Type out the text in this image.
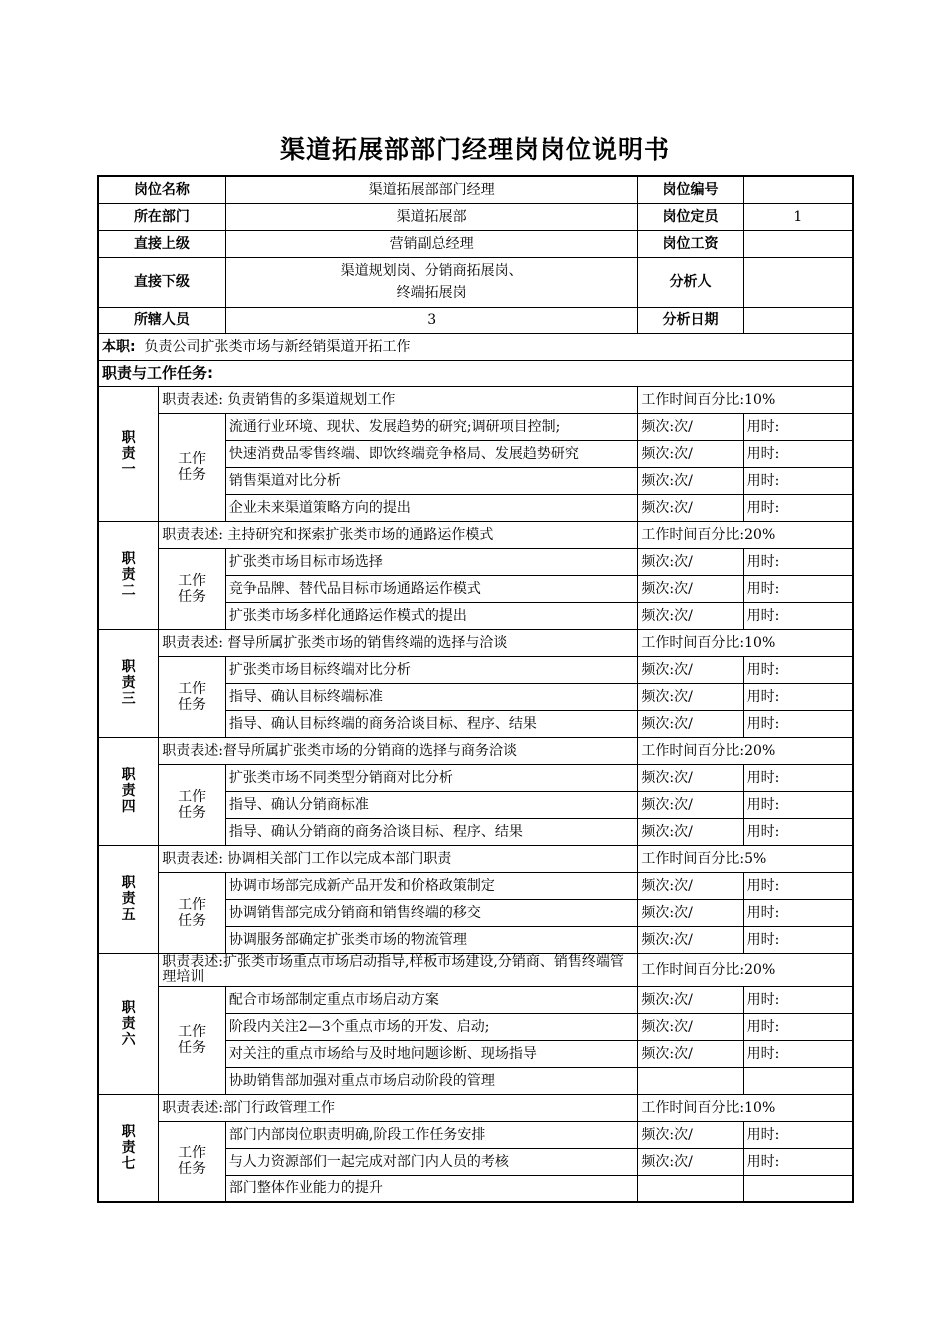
渠道拓展部部门经理岗岗位说明书
岗位名称		渠道拓展部部门经理	岗位编号	
所在部门		渠道拓展部	岗位定员	1
直接上级		营销副总经理	岗位工资	
直接下级		渠道规划岗、分销商拓展岗、
终端拓展岗	分析人	
所辖人员		3	分析日期	
本职: 负责公司扩张类市场与新经销渠道开拓工作				
职责与工作任务:				

职责一	职责表述: 负责销售的多渠道规划工作		工作时间百分比:10%	

	工作任务	流通行业环境、现状、发展趋势的研究;调研项目控制;	频次:次/	用时:
		快速消费品零售终端、即饮终端竞争格局、发展趋势研究	频次:次/	用时:
		销售渠道对比分析	频次:次/	用时:
		企业未来渠道策略方向的提出	频次:次/	用时:

职责二	职责表述: 主持研究和探索扩张类市场的通路运作模式		工作时间百分比:20%	

	工作任务	扩张类市场目标市场选择	频次:次/	用时:
		竞争品牌、替代品目标市场通路运作模式	频次:次/	用时:
		扩张类市场多样化通路运作模式的提出	频次:次/	用时:

职责三	职责表述: 督导所属扩张类市场的销售终端的选择与洽谈		工作时间百分比:10%	

	工作任务	扩张类市场目标终端对比分析	频次:次/	用时:
		指导、确认目标终端标准	频次:次/	用时:
		指导、确认目标终端的商务洽谈目标、程序、结果	频次:次/	用时:

职责四	职责表述:督导所属扩张类市场的分销商的选择与商务洽谈		工作时间百分比:20%	

	工作任务	扩张类市场不同类型分销商对比分析	频次:次/	用时:
		指导、确认分销商标准	频次:次/	用时:
		指导、确认分销商的商务洽谈目标、程序、结果	频次:次/	用时:

职责五	职责表述: 协调相关部门工作以完成本部门职责		工作时间百分比:5%	

	工作任务	协调市场部完成新产品开发和价格政策制定	频次:次/	用时:
		协调销售部完成分销商和销售终端的移交	频次:次/	用时:
		协调服务部确定扩张类市场的物流管理	频次:次/	用时:

职责六	职责表述:扩张类市场重点市场启动指导,样板市场建设,分销商、销售终端管理培训		工作时间百分比:20%	

	工作任务	配合市场部制定重点市场启动方案	频次:次/	用时:
		阶段内关注2—3个重点市场的开发、启动;	频次:次/	用时:
		对关注的重点市场给与及时地问题诊断、现场指导	频次:次/	用时:
		协助销售部加强对重点市场启动阶段的管理		

职责七	职责表述:部门行政管理工作		工作时间百分比:10%	

	工作任务	部门内部岗位职责明确,阶段工作任务安排	频次:次/	用时:
		与人力资源部们一起完成对部门内人员的考核	频次:次/	用时:
		部门整体作业能力的提升		
